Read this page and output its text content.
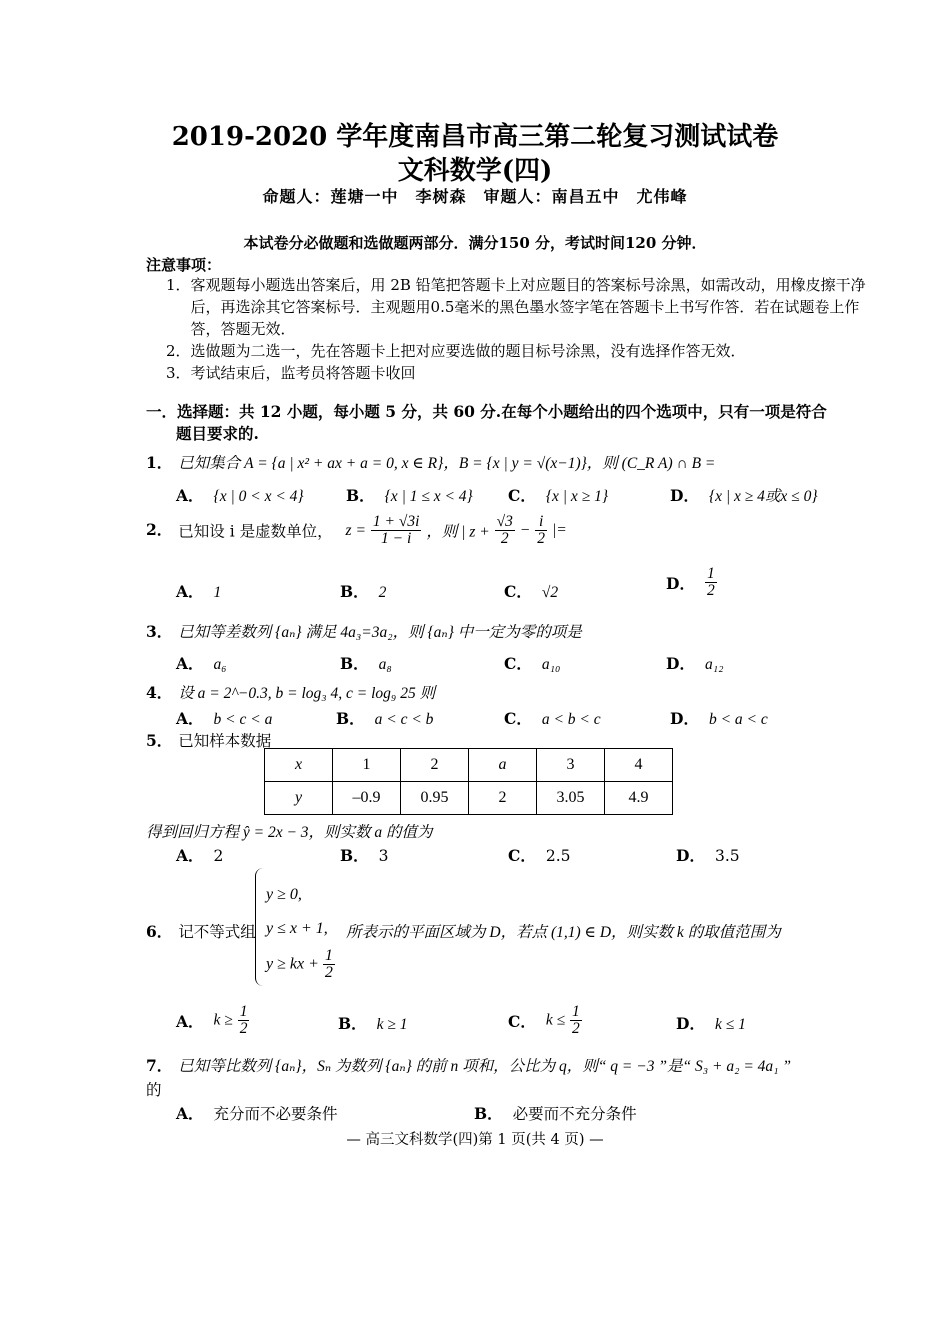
2019-2020 学年度南昌市高三第二轮复习测试试卷
文科数学(四)
命题人：莲塘一中　李树森　审题人：南昌五中　尤伟峰
本试卷分必做题和选做题两部分．满分150 分，考试时间120 分钟．
注意事项：
1．客观题每小题选出答案后，用 2B 铅笔把答题卡上对应题目的答案标号涂黑，如需改动，用橡皮擦干净后，再选涂其它答案标号．主观题用0.5毫米的黑色墨水签字笔在答题卡上书写作答．若在试题卷上作答，答题无效．
2．选做题为二选一，先在答题卡上把对应要选做的题目标号涂黑，没有选择作答无效．
3．考试结束后，监考员将答题卡收回
一．选择题：共 12 小题，每小题 5 分，共 60 分.在每个小题给出的四个选项中，只有一项是符合
题目要求的.
1． 已知集合 A = {a | x² + ax + a = 0, x ∈ R}，B = {x | y = √(x−1)}，则 (C_R A) ∩ B =
A． {x | 0 < x < 4}	B． {x | 1 ≤ x < 4} C． {x | x ≥ 1}	D． {x | x ≥ 4或x ≤ 0}
2． 已知设 i 是虚数单位， $z = \frac{1 + √3i}{1 - i}$ ，则 | $z + \frac{√3}{2} - \frac{i}{2}$ |=
A． 1	B． 2	C． √2	D． $\frac{1}{2}$
3． 已知等差数列 {aₙ} 满足 4a₃=3a₂，则 {aₙ} 中一定为零的项是
A． a₆	B． a₈	C． a₁₀	D． a₁₂
4． 设 a = 2^−0.3, b = log₃ 4, c = log₉ 25 则
A． b < c < a	B． a < c < b	C． a < b < c	D． b < a < c
5． 已知样本数据
x	1	2	a	3	4
y	–0.9	0.95	2	3.05	4.9
得到回归方程 ŷ = 2x − 3，则实数 a 的值为
A． 2	B． 3	C． 2.5	D． 3.5
6． 记不等式组
y ≥ 0,
y ≤ x + 1,
y ≥ kx + $\frac{1}{2}$
所表示的平面区域为 D，若点 (1,1) ∈ D，则实数 k 的取值范围为
A． $k \ge \frac{1}{2}$	B． k ≥ 1	C． $k \le \frac{1}{2}$	D． k ≤ 1
7． 已知等比数列 {aₙ}，Sₙ 为数列 {aₙ} 的前 n 项和，公比为 q，则“ q = −3 ”是“ S₃ + a₂ = 4a₁ ”
的
A． 充分而不必要条件	B． 必要而不充分条件
— 高三文科数学(四)第 1 页(共 4 页) —
